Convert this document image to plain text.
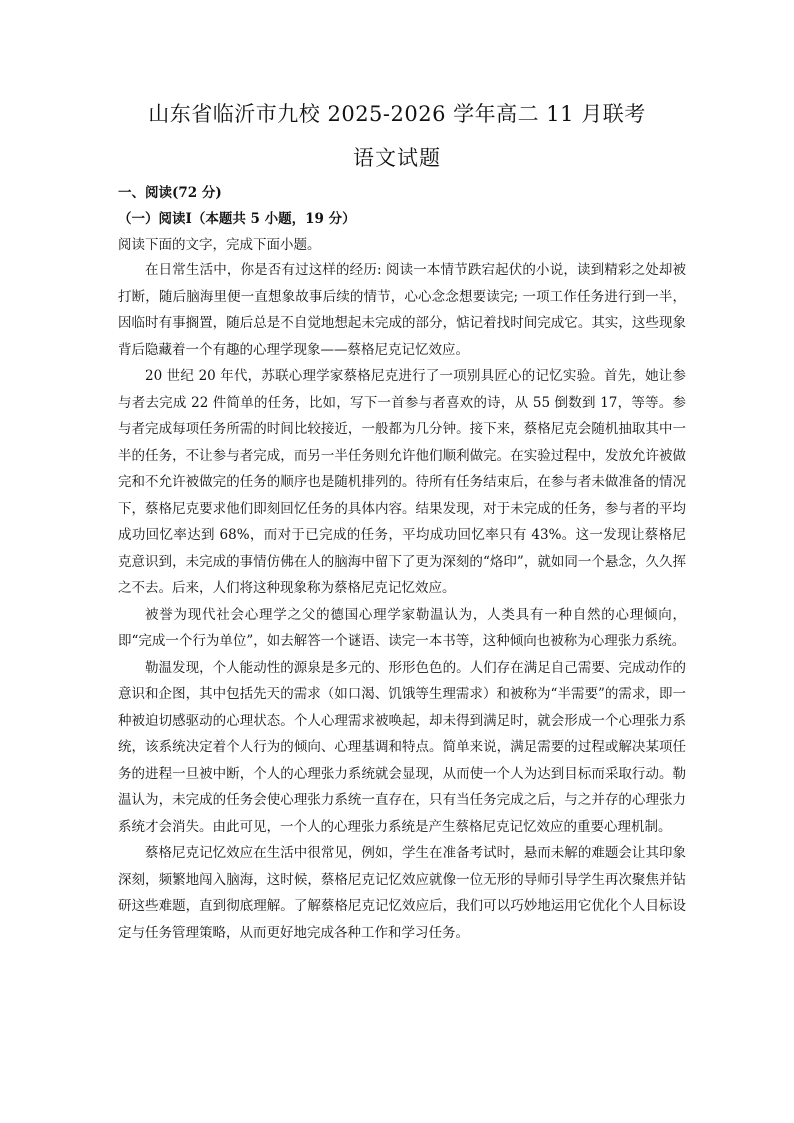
山东省临沂市九校 2025-2026 学年高二 11 月联考
语文试题
一、阅读(72 分)
（一）阅读Ⅰ（本题共 5 小题，19 分）
阅读下面的文字，完成下面小题。

在日常生活中，你是否有过这样的经历: 阅读一本情节跌宕起伏的小说，读到精彩之处却被打断，随后脑海里便一直想象故事后续的情节，心心念念想要读完; 一项工作任务进行到一半，因临时有事搁置，随后总是不自觉地想起未完成的部分，惦记着找时间完成它。其实，这些现象背后隐藏着一个有趣的心理学现象——蔡格尼克记忆效应。

20 世纪 20 年代，苏联心理学家蔡格尼克进行了一项别具匠心的记忆实验。首先，她让参与者去完成 22 件简单的任务，比如，写下一首参与者喜欢的诗，从 55 倒数到 17，等等。参与者完成每项任务所需的时间比较接近，一般都为几分钟。接下来，蔡格尼克会随机抽取其中一半的任务，不让参与者完成，而另一半任务则允许他们顺利做完。在实验过程中，发放允许被做完和不允许被做完的任务的顺序也是随机排列的。待所有任务结束后，在参与者未做准备的情况下，蔡格尼克要求他们即刻回忆任务的具体内容。结果发现，对于未完成的任务，参与者的平均成功回忆率达到 68%，而对于已完成的任务，平均成功回忆率只有 43%。这一发现让蔡格尼克意识到，未完成的事情仿佛在人的脑海中留下了更为深刻的“烙印”，就如同一个悬念，久久挥之不去。后来，人们将这种现象称为蔡格尼克记忆效应。

被誉为现代社会心理学之父的德国心理学家勒温认为，人类具有一种自然的心理倾向，即“完成一个行为单位”，如去解答一个谜语、读完一本书等，这种倾向也被称为心理张力系统。

勒温发现，个人能动性的源泉是多元的、形形色色的。人们存在满足自己需要、完成动作的意识和企图，其中包括先天的需求（如口渴、饥饿等生理需求）和被称为“半需要”的需求，即一种被迫切感驱动的心理状态。个人心理需求被唤起，却未得到满足时，就会形成一个心理张力系统，该系统决定着个人行为的倾向、心理基调和特点。简单来说，满足需要的过程或解决某项任务的进程一旦被中断，个人的心理张力系统就会显现，从而使一个人为达到目标而采取行动。勒温认为，未完成的任务会使心理张力系统一直存在，只有当任务完成之后，与之并存的心理张力系统才会消失。由此可见，一个人的心理张力系统是产生蔡格尼克记忆效应的重要心理机制。

蔡格尼克记忆效应在生活中很常见，例如，学生在准备考试时，悬而未解的难题会让其印象深刻，频繁地闯入脑海，这时候，蔡格尼克记忆效应就像一位无形的导师引导学生再次聚焦并钻研这些难题，直到彻底理解。了解蔡格尼克记忆效应后，我们可以巧妙地运用它优化个人目标设定与任务管理策略，从而更好地完成各种工作和学习任务。
